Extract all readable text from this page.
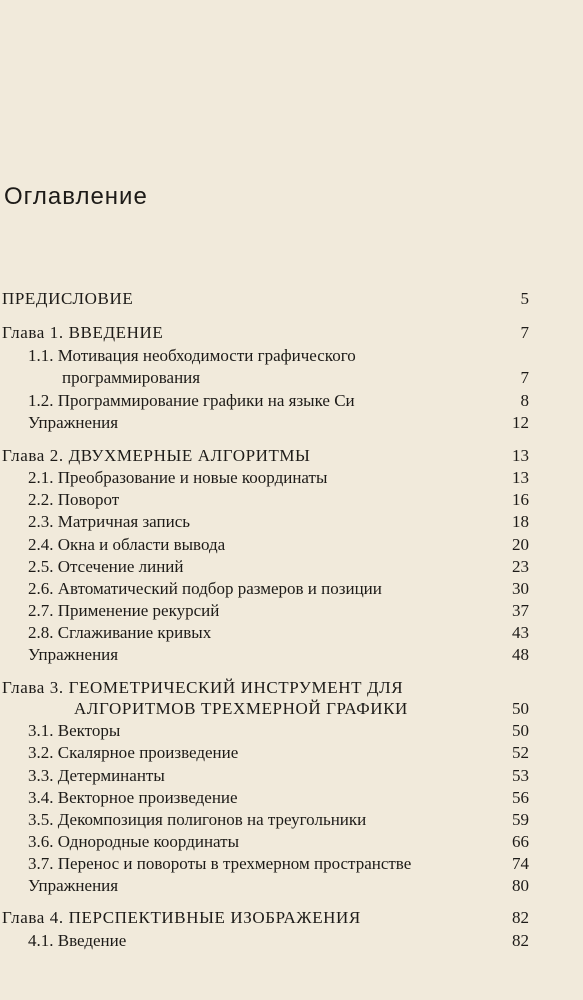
Оглавление
ПРЕДИСЛОВИЕ	5
Глава 1. ВВЕДЕНИЕ	7
1.1. Мотивация необходимости графического
программирования	7
1.2. Программирование графики на языке Си	8
Упражнения	12
Глава 2. ДВУХМЕРНЫЕ АЛГОРИТМЫ	13
2.1. Преобразование и новые координаты	13
2.2. Поворот	16
2.3. Матричная запись	18
2.4. Окна и области вывода	20
2.5. Отсечение линий	23
2.6. Автоматический подбор размеров и позиции	30
2.7. Применение рекурсий	37
2.8. Сглаживание кривых	43
Упражнения	48
Глава 3. ГЕОМЕТРИЧЕСКИЙ ИНСТРУМЕНТ ДЛЯ
АЛГОРИТМОВ ТРЕХМЕРНОЙ ГРАФИКИ	50
3.1. Векторы	50
3.2. Скалярное произведение	52
3.3. Детерминанты	53
3.4. Векторное произведение	56
3.5. Декомпозиция полигонов на треугольники	59
3.6. Однородные координаты	66
3.7. Перенос и повороты в трехмерном пространстве	74
Упражнения	80
Глава 4. ПЕРСПЕКТИВНЫЕ ИЗОБРАЖЕНИЯ	82
4.1. Введение	82
